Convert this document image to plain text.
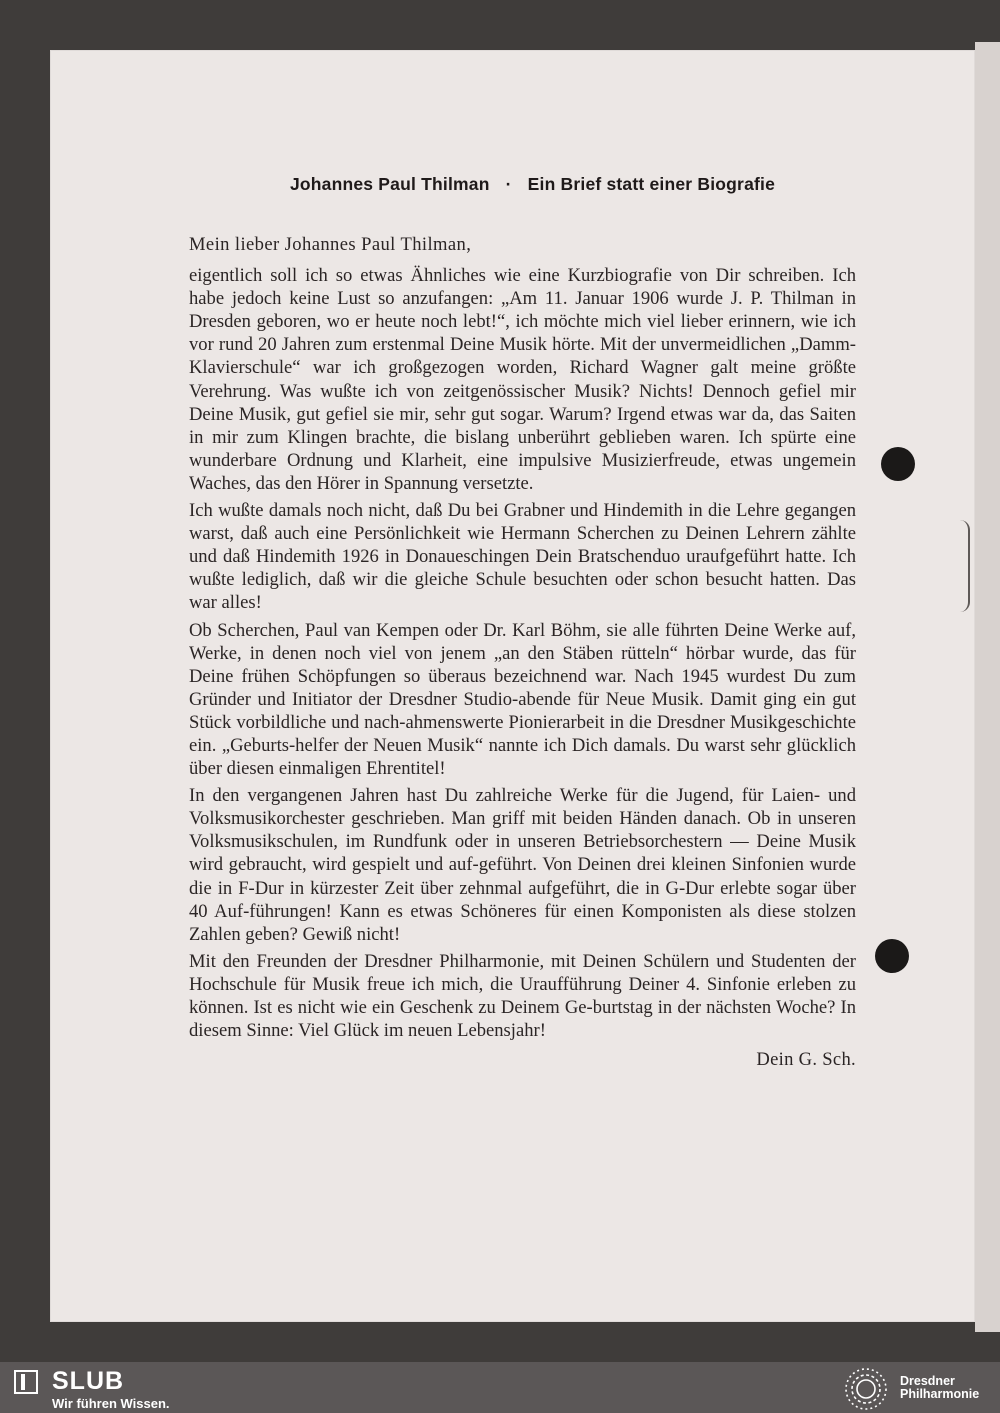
Johannes Paul Thilman · Ein Brief statt einer Biografie

Mein lieber Johannes Paul Thilman,

eigentlich soll ich so etwas Ähnliches wie eine Kurzbiografie von Dir schreiben. Ich habe jedoch keine Lust so anzufangen: „Am 11. Januar 1906 wurde J. P. Thilman in Dresden geboren, wo er heute noch lebt!“, ich möchte mich viel lieber erinnern, wie ich vor rund 20 Jahren zum erstenmal Deine Musik hörte. Mit der unvermeidlichen „Damm-Klavierschule“ war ich großgezogen worden, Richard Wagner galt meine größte Verehrung. Was wußte ich von zeitgenössischer Musik? Nichts! Dennoch gefiel mir Deine Musik, gut gefiel sie mir, sehr gut sogar. Warum? Irgend etwas war da, das Saiten in mir zum Klingen brachte, die bislang unberührt geblieben waren. Ich spürte eine wunderbare Ordnung und Klarheit, eine impulsive Musizierfreude, etwas ungemein Waches, das den Hörer in Spannung versetzte.

Ich wußte damals noch nicht, daß Du bei Grabner und Hindemith in die Lehre gegangen warst, daß auch eine Persönlichkeit wie Hermann Scherchen zu Deinen Lehrern zählte und daß Hindemith 1926 in Donaueschingen Dein Bratschenduo uraufgeführt hatte. Ich wußte lediglich, daß wir die gleiche Schule besuchten oder schon besucht hatten. Das war alles!

Ob Scherchen, Paul van Kempen oder Dr. Karl Böhm, sie alle führten Deine Werke auf, Werke, in denen noch viel von jenem „an den Stäben rütteln“ hörbar wurde, das für Deine frühen Schöpfungen so überaus bezeichnend war. Nach 1945 wurdest Du zum Gründer und Initiator der Dresdner Studio-abende für Neue Musik. Damit ging ein gut Stück vorbildliche und nach-ahmenswerte Pionierarbeit in die Dresdner Musikgeschichte ein. „Geburts-helfer der Neuen Musik“ nannte ich Dich damals. Du warst sehr glücklich über diesen einmaligen Ehrentitel!

In den vergangenen Jahren hast Du zahlreiche Werke für die Jugend, für Laien- und Volksmusikorchester geschrieben. Man griff mit beiden Händen danach. Ob in unseren Volksmusikschulen, im Rundfunk oder in unseren Betriebsorchestern — Deine Musik wird gebraucht, wird gespielt und auf-geführt. Von Deinen drei kleinen Sinfonien wurde die in F-Dur in kürzester Zeit über zehnmal aufgeführt, die in G-Dur erlebte sogar über 40 Auf-führungen! Kann es etwas Schöneres für einen Komponisten als diese stolzen Zahlen geben? Gewiß nicht!

Mit den Freunden der Dresdner Philharmonie, mit Deinen Schülern und Studenten der Hochschule für Musik freue ich mich, die Uraufführung Deiner 4. Sinfonie erleben zu können. Ist es nicht wie ein Geschenk zu Deinem Ge-burtstag in der nächsten Woche? In diesem Sinne: Viel Glück im neuen Lebensjahr!

Dein G. Sch.

SLUB
Wir führen Wissen.
Dresdner
Philharmonie
